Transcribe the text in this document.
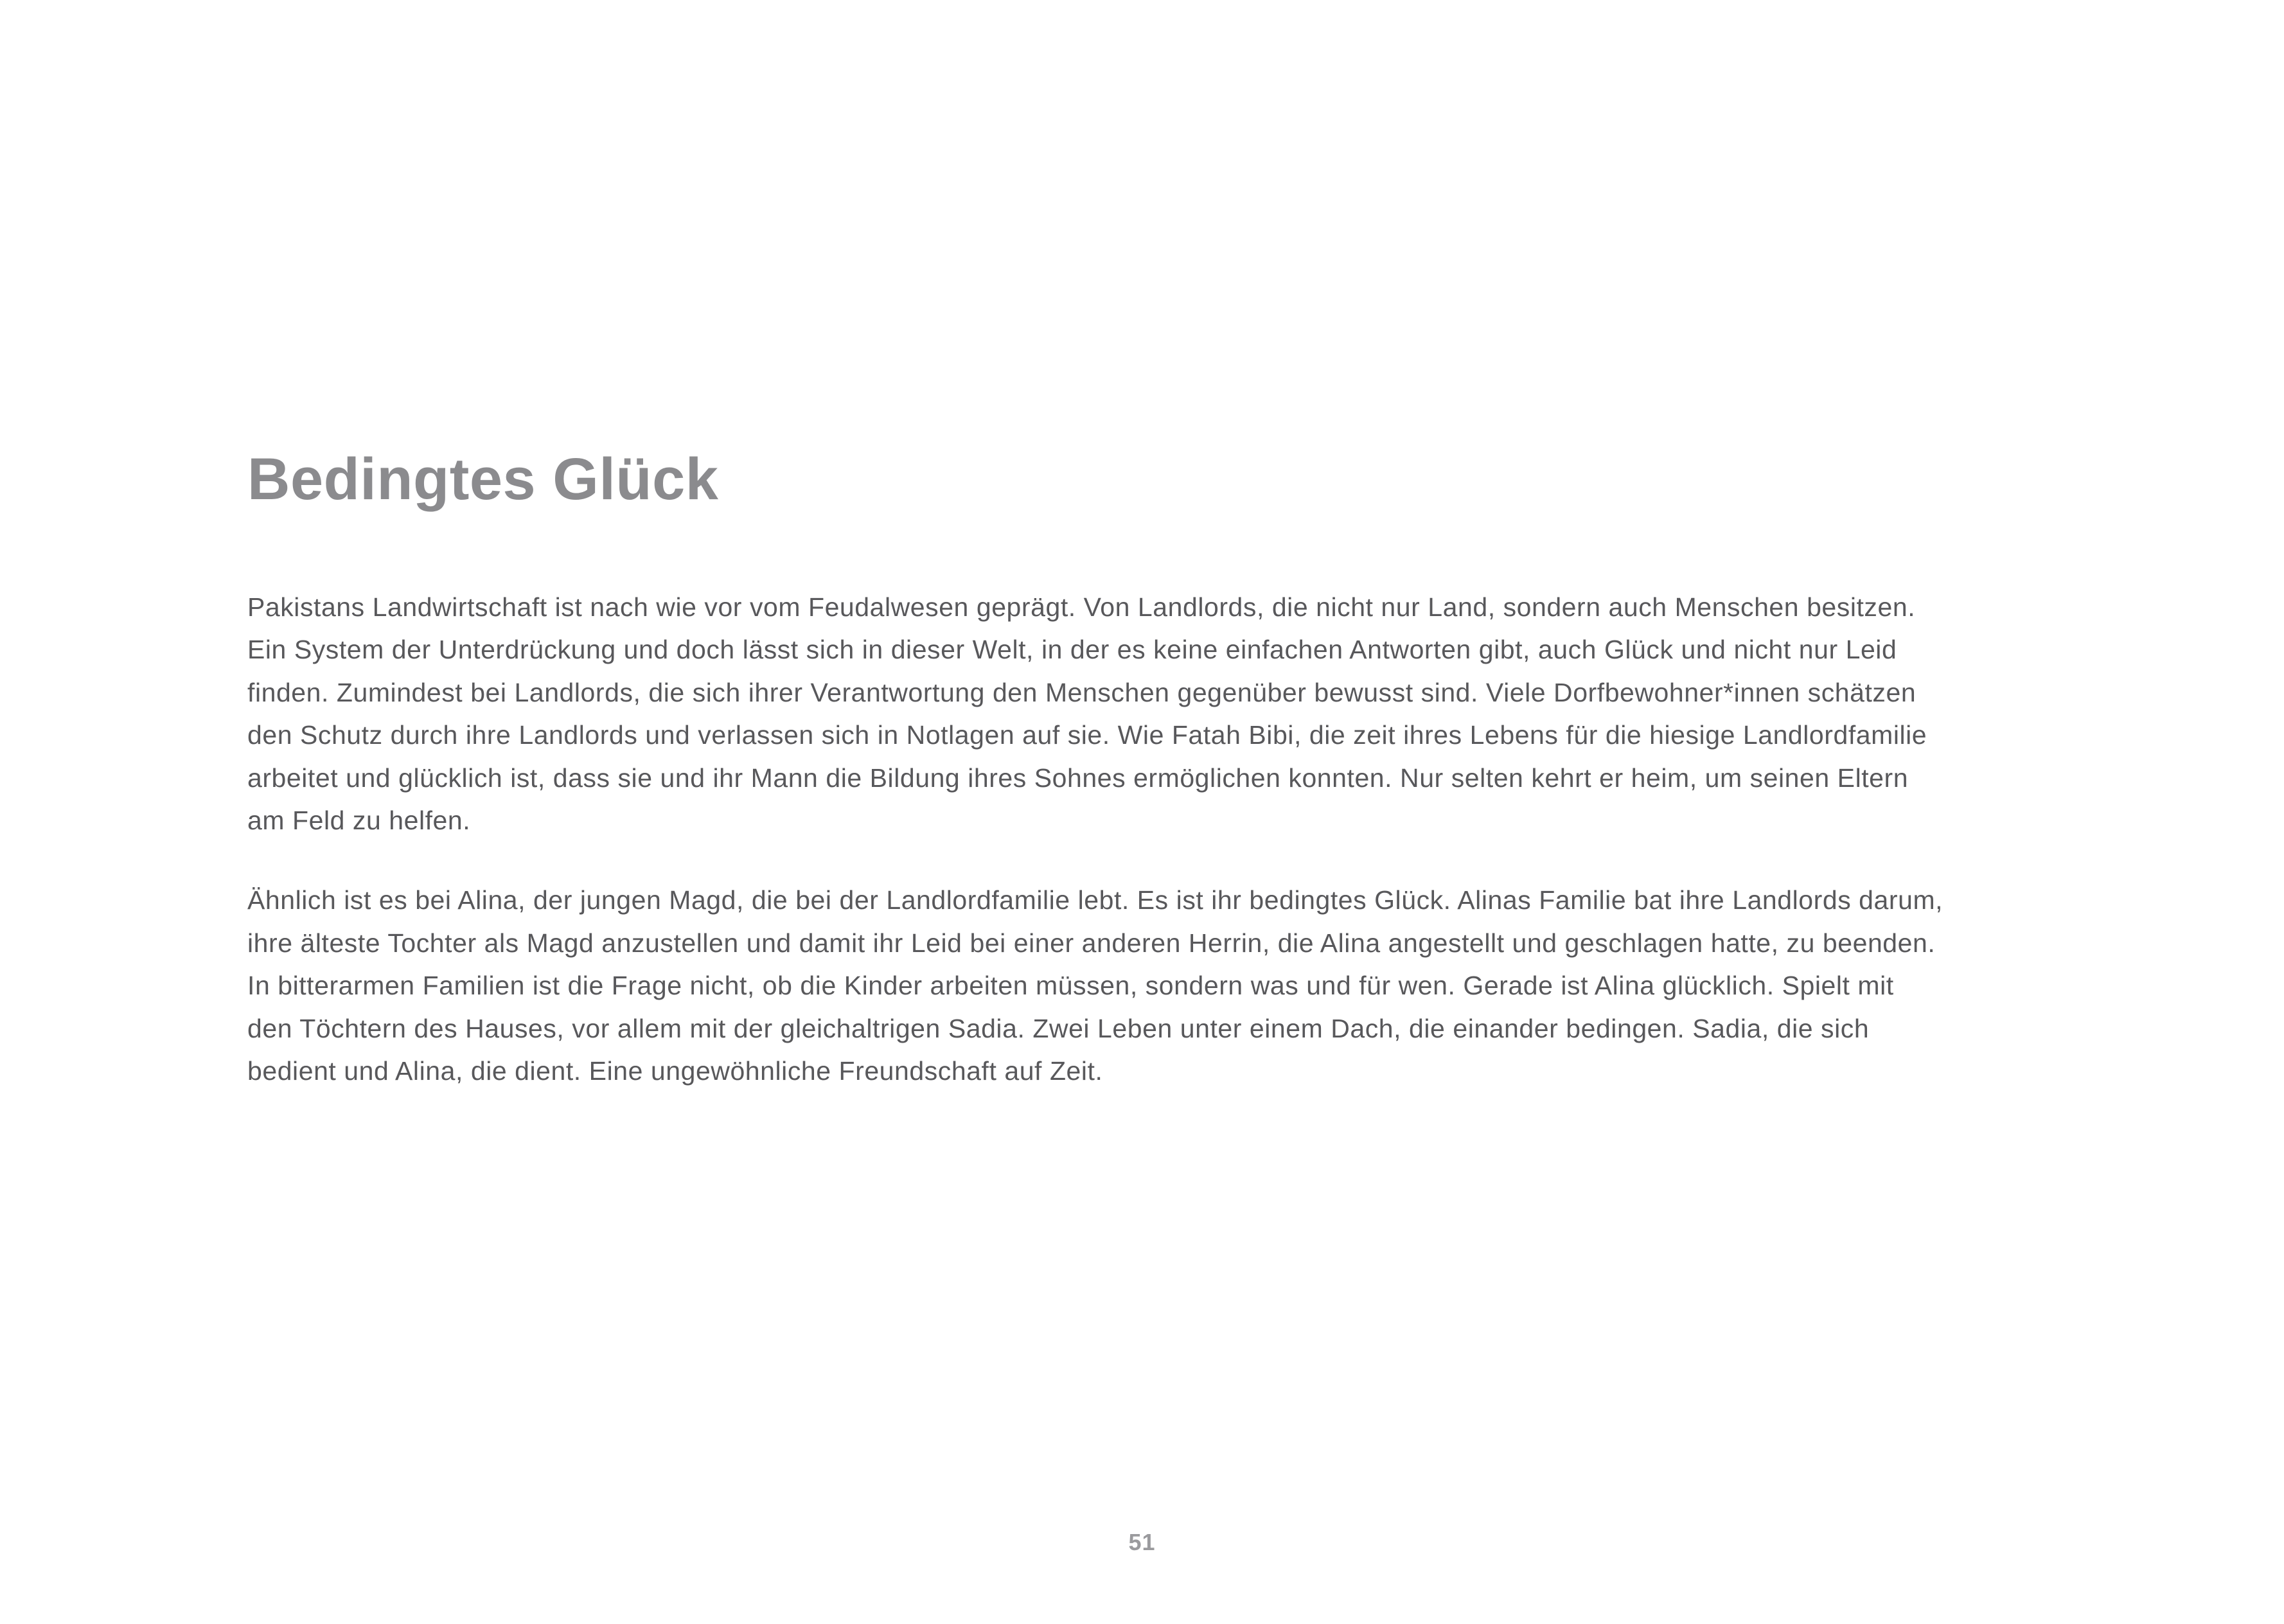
Bedingtes Glück

Pakistans Landwirtschaft ist nach wie vor vom Feudalwesen geprägt. Von Landlords, die nicht nur Land, sondern auch Menschen besitzen. Ein System der Unterdrückung und doch lässt sich in dieser Welt, in der es keine einfachen Antworten gibt, auch Glück und nicht nur Leid finden. Zumindest bei Landlords, die sich ihrer Verantwortung den Menschen gegenüber bewusst sind. Viele Dorfbewohner*innen schätzen den Schutz durch ihre Landlords und verlassen sich in Notlagen auf sie. Wie Fatah Bibi, die zeit ihres Lebens für die hiesige Landlordfamilie arbeitet und glücklich ist, dass sie und ihr Mann die Bildung ihres Sohnes ermöglichen konnten. Nur selten kehrt er heim, um seinen Eltern am Feld zu helfen.

Ähnlich ist es bei Alina, der jungen Magd, die bei der Landlordfamilie lebt. Es ist ihr bedingtes Glück. Alinas Familie bat ihre Landlords darum, ihre älteste Tochter als Magd anzustellen und damit ihr Leid bei einer anderen Herrin, die Alina angestellt und geschlagen hatte, zu beenden. In bitterarmen Familien ist die Frage nicht, ob die Kinder arbeiten müssen, sondern was und für wen. Gerade ist Alina glücklich. Spielt mit den Töchtern des Hauses, vor allem mit der gleichaltrigen Sadia. Zwei Leben unter einem Dach, die einander bedingen. Sadia, die sich bedient und Alina, die dient. Eine ungewöhnliche Freundschaft auf Zeit.

51
